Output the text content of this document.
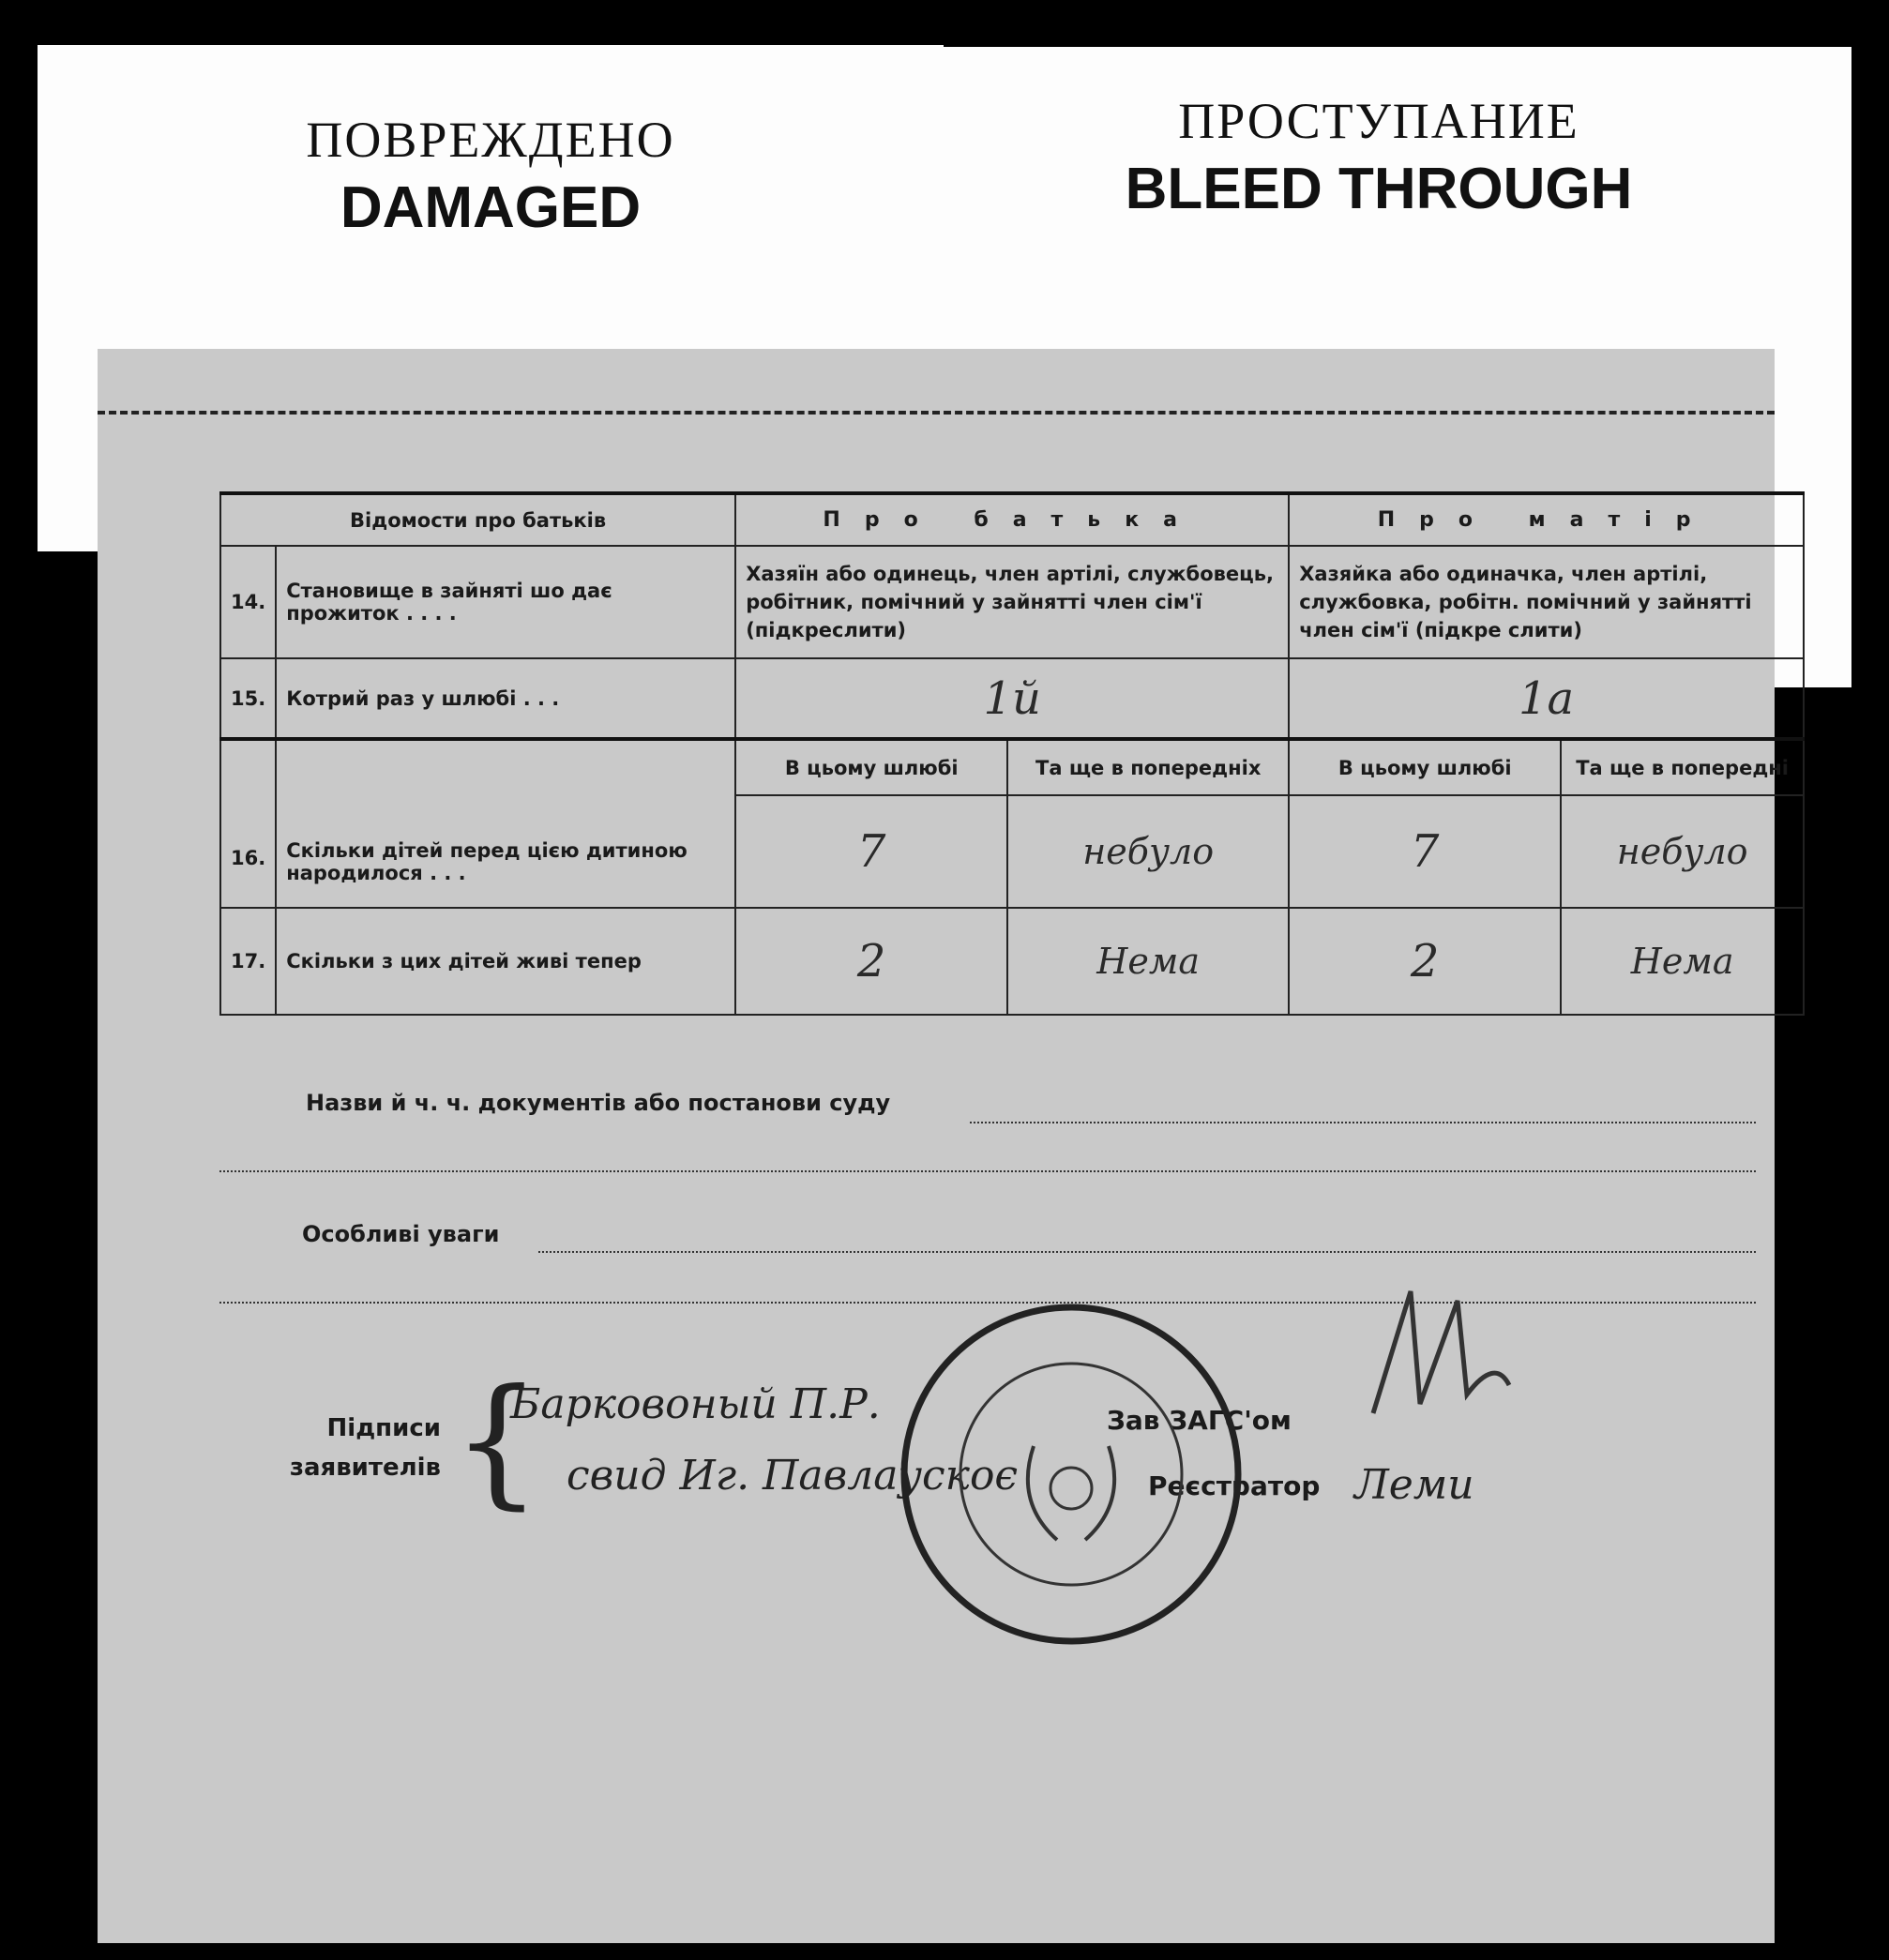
ПОВРЕЖДЕНО
DAMAGED
ПРОСТУПАНИЕ
BLEED THROUGH
Відомости про батьків		Про батька		Про матір	
14.	Становище в зайняті шо дає прожиток . . . .	Хазяїн або одинець, член артілі, службовець, робітник, помічний у зайнятті член сім'ї (підкреслити)		Хазяйка або одиначка, член артілі, службовка, робітн. помічний у зайнятті член сім'ї (підкре слити)	
15.	Котрий раз у шлюбі . . .	1й		1а	
16.	Скільки дітей перед цією дитиною народилося . . .	В цьому шлюбі	Та ще в попередніх	В цьому шлюбі	Та ще в попередні
		7	небуло	7	небуло
17.	Скільки з цих дітей живі тепер	2	Нема	2	Нема
Назви й ч. ч. документів або постанови суду
Особливі уваги
Підписи
заявителів {
Барковоный П.Р.
свид Иг. Павлаускоє
Зав ЗАГС'ом
Реєстратор Леми
